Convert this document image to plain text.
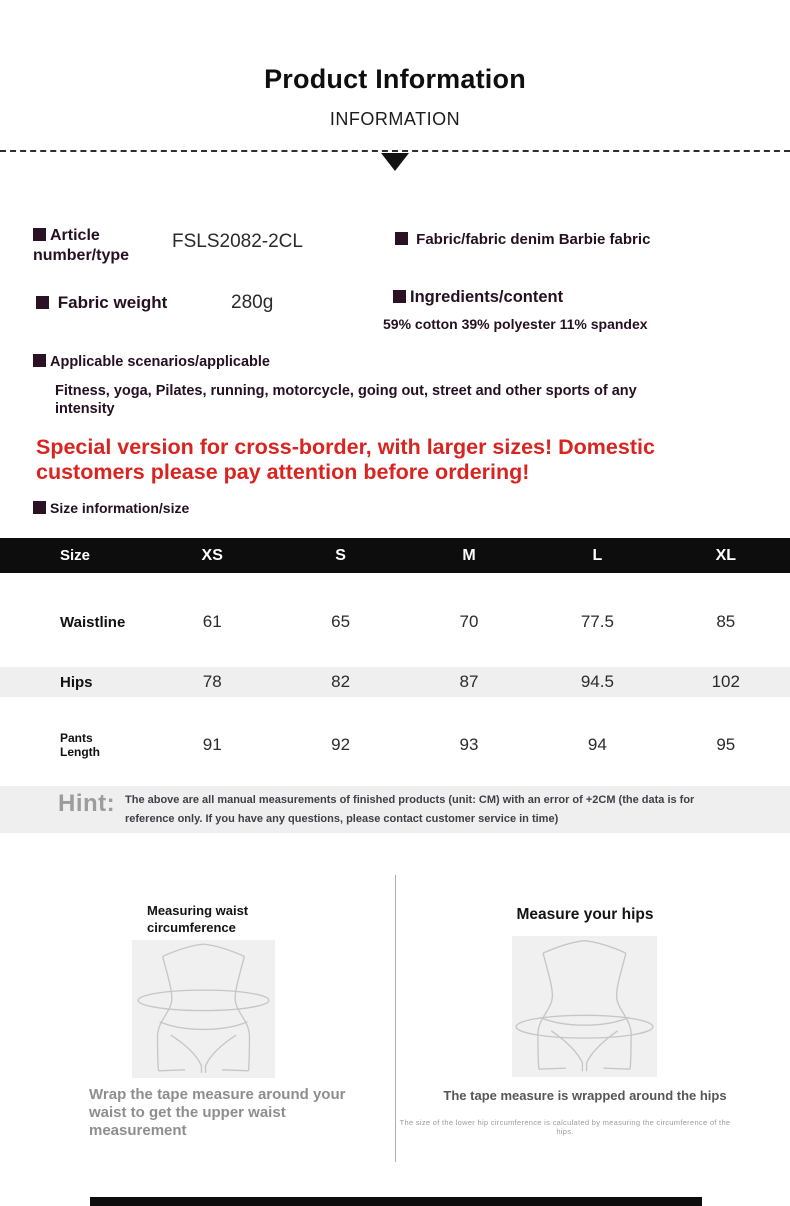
Product Information
INFORMATION
Article number/type
FSLS2082-2CL	Fabric/fabric denim Barbie fabric
Fabric weight	280g	Ingredients/content
59% cotton 39% polyester 11% spandex
Applicable scenarios/applicable
Fitness, yoga, Pilates, running, motorcycle, going out, street and other sports of any intensity
Special version for cross-border, with larger sizes! Domestic customers please pay attention before ordering!
Size information/size
Size	XS	S	M	L	XL
Waistline	61	65	70	77.5	85
Hips	78	82	87	94.5	102
Pants Length	91	92	93	94	95
Hint: The above are all manual measurements of finished products (unit: CM) with an error of +2CM (the data is for reference only. If you have any questions, please contact customer service in time)
Measuring waist circumference
Wrap the tape measure around your waist to get the upper waist measurement
Measure your hips
The tape measure is wrapped around the hips
The size of the lower hip circumference is calculated by measuring the circumference of the hips.
